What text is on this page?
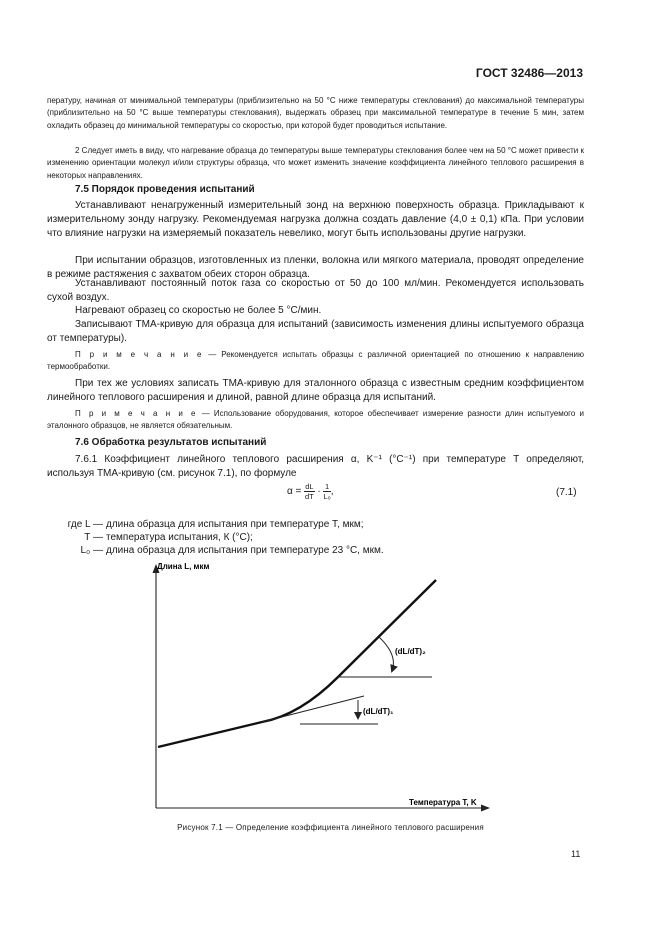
ГОСТ 32486—2013
пературу, начиная от минимальной температуры (приблизительно на 50 °С ниже температуры стеклования) до максимальной температуры (приблизительно на 50 °С выше температуры стеклования), выдержать образец при максимальной температуре в течение 5 мин, затем охладить образец до минимальной температуры со скоростью, при которой будет проводиться испытание.
2 Следует иметь в виду, что нагревание образца до температуры выше температуры стеклования более чем на 50 °С может привести к изменению ориентации молекул и/или структуры образца, что может изменить значение коэффициента линейного теплового расширения в некоторых направлениях.
7.5 Порядок проведения испытаний
Устанавливают ненагруженный измерительный зонд на верхнюю поверхность образца. Прикладывают к измерительному зонду нагрузку. Рекомендуемая нагрузка должна создать давление (4,0 ± 0,1) кПа. При условии что влияние нагрузки на измеряемый показатель невелико, могут быть использованы другие нагрузки.
При испытании образцов, изготовленных из пленки, волокна или мягкого материала, проводят определение в режиме растяжения с захватом обеих сторон образца.
Устанавливают постоянный поток газа со скоростью от 50 до 100 мл/мин. Рекомендуется использовать сухой воздух.
Нагревают образец со скоростью не более 5 °С/мин.
Записывают ТМА-кривую для образца для испытаний (зависимость изменения длины испытуемого образца от температуры).
П р и м е ч а н и е — Рекомендуется испытать образцы с различной ориентацией по отношению к направлению термообработки.
При тех же условиях записать ТМА-кривую для эталонного образца с известным средним коэффициентом линейного теплового расширения и длиной, равной длине образца для испытаний.
П р и м е ч а н и е — Использование оборудования, которое обеспечивает измерение разности длин испытуемого и эталонного образцов, не является обязательным.
7.6 Обработка результатов испытаний
7.6.1 Коэффициент линейного теплового расширения α, K⁻¹ (°C⁻¹) при температуре T определяют, используя ТМА-кривую (см. рисунок 7.1), по формуле
$\alpha = \frac{dL}{dT} \cdot \frac{1}{\text{L₀}}$ ,	(7.1)
где L — длина образца для испытания при температуре T, мкм;
T — температура испытания, К (°С);
L₀ — длина образца для испытания при температуре 23 °С, мкм.
Длина L, мкм
Температура T, K
(dL/dT)₂
(dL/dT)₁
Рисунок 7.1 — Определение коэффициента линейного теплового расширения
11
